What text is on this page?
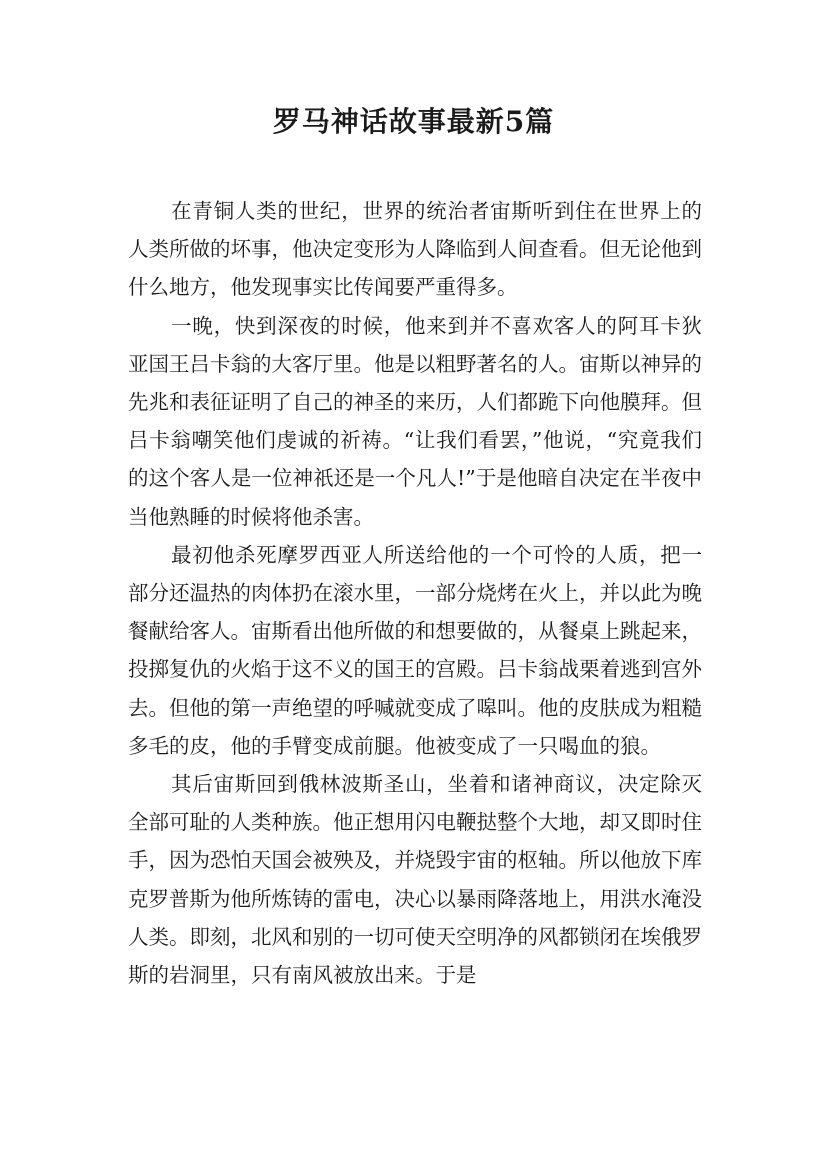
罗马神话故事最新5篇

在青铜人类的世纪，世界的统治者宙斯听到住在世界上的人类所做的坏事，他决定变形为人降临到人间查看。但无论他到什么地方，他发现事实比传闻要严重得多。

一晚，快到深夜的时候，他来到并不喜欢客人的阿耳卡狄亚国王吕卡翁的大客厅里。他是以粗野著名的人。宙斯以神异的先兆和表征证明了自己的神圣的来历，人们都跪下向他膜拜。但吕卡翁嘲笑他们虔诚的祈祷。“让我们看罢，”他说，“究竟我们的这个客人是一位神祇还是一个凡人!”于是他暗自决定在半夜中当他熟睡的时候将他杀害。

最初他杀死摩罗西亚人所送给他的一个可怜的人质，把一部分还温热的肉体扔在滚水里，一部分烧烤在火上，并以此为晚餐献给客人。宙斯看出他所做的和想要做的，从餐桌上跳起来，投掷复仇的火焰于这不义的国王的宫殿。吕卡翁战栗着逃到宫外去。但他的第一声绝望的呼喊就变成了嗥叫。他的皮肤成为粗糙多毛的皮，他的手臂变成前腿。他被变成了一只喝血的狼。

其后宙斯回到俄林波斯圣山，坐着和诸神商议，决定除灭全部可耻的人类种族。他正想用闪电鞭挞整个大地，却又即时住手，因为恐怕天国会被殃及，并烧毁宇宙的枢轴。所以他放下库克罗普斯为他所炼铸的雷电，决心以暴雨降落地上，用洪水淹没人类。即刻，北风和别的一切可使天空明净的风都锁闭在埃俄罗斯的岩洞里，只有南风被放出来。于是
